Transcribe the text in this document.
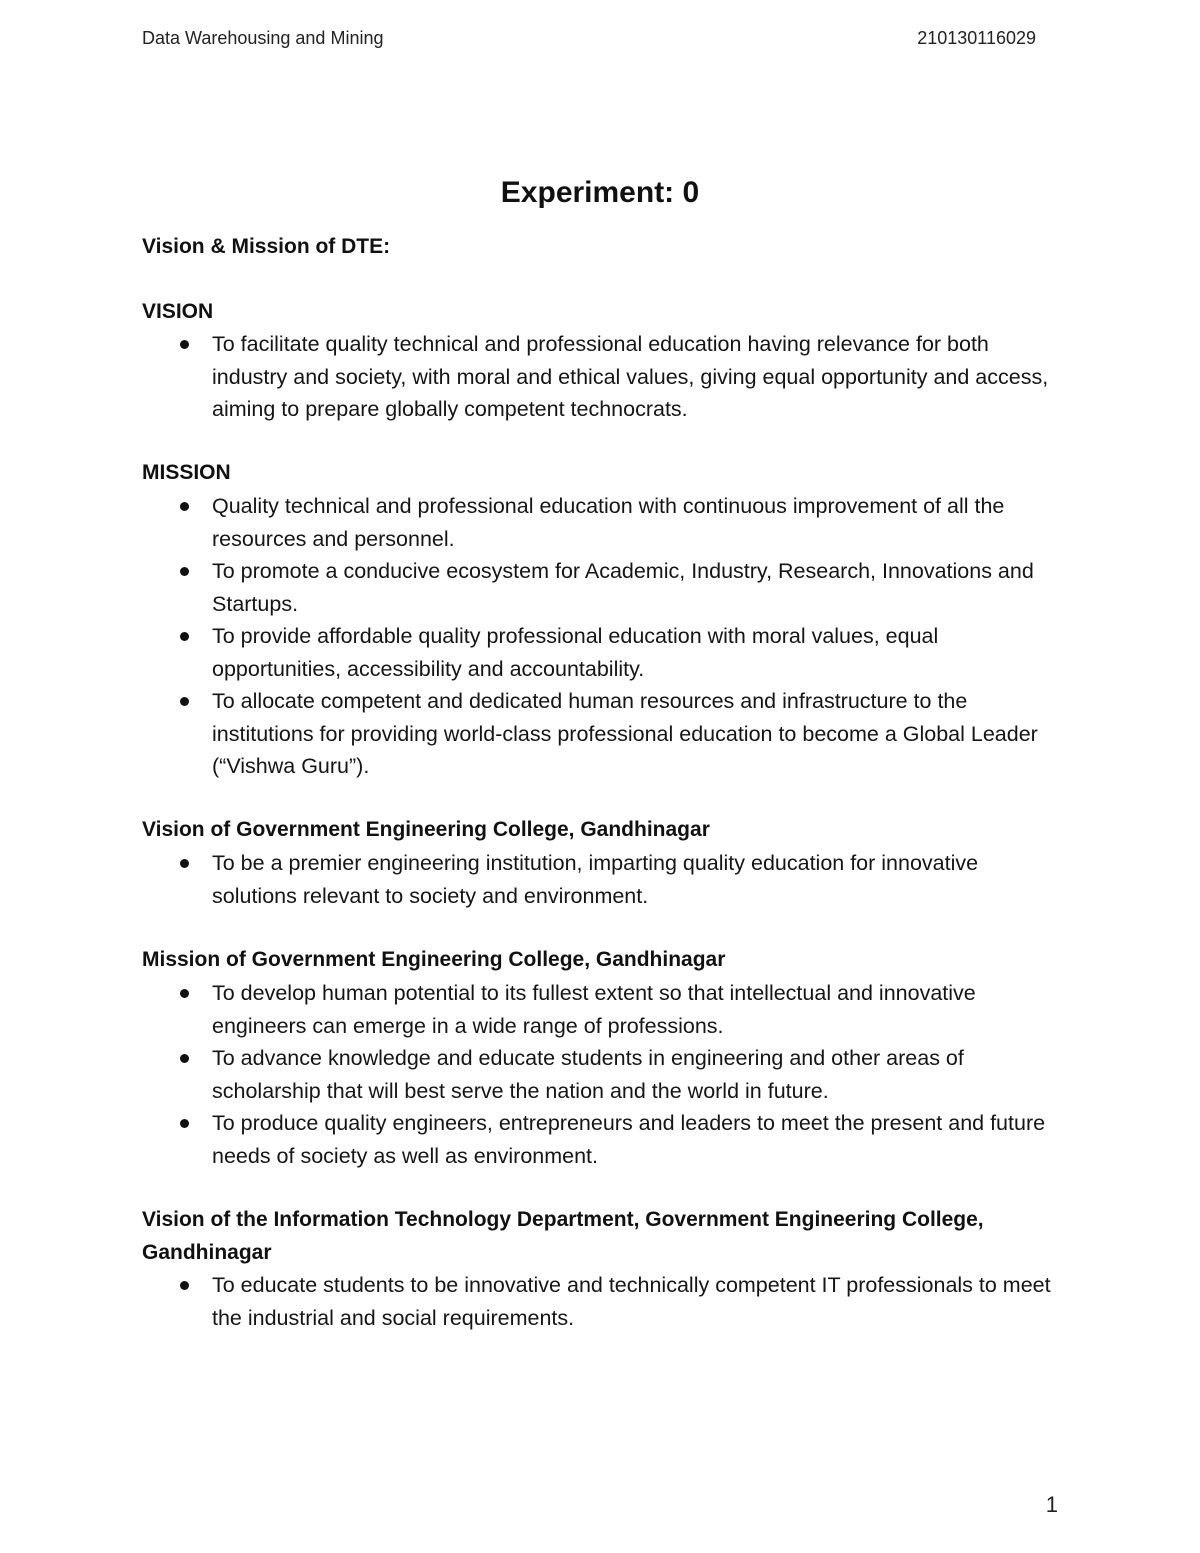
Data Warehousing and Mining	210130116029
Experiment: 0
Vision & Mission of DTE:
VISION
To facilitate quality technical and professional education having relevance for both industry and society, with moral and ethical values, giving equal opportunity and access, aiming to prepare globally competent technocrats.
MISSION
Quality technical and professional education with continuous improvement of all the resources and personnel.
To promote a conducive ecosystem for Academic, Industry, Research, Innovations and Startups.
To provide affordable quality professional education with moral values, equal opportunities, accessibility and accountability.
To allocate competent and dedicated human resources and infrastructure to the institutions for providing world-class professional education to become a Global Leader (“Vishwa Guru”).
Vision of Government Engineering College, Gandhinagar
To be a premier engineering institution, imparting quality education for innovative solutions relevant to society and environment.
Mission of Government Engineering College, Gandhinagar
To develop human potential to its fullest extent so that intellectual and innovative engineers can emerge in a wide range of professions.
To advance knowledge and educate students in engineering and other areas of scholarship that will best serve the nation and the world in future.
To produce quality engineers, entrepreneurs and leaders to meet the present and future needs of society as well as environment.
Vision of the Information Technology Department, Government Engineering College, Gandhinagar
To educate students to be innovative and technically competent IT professionals to meet the industrial and social requirements.
1
